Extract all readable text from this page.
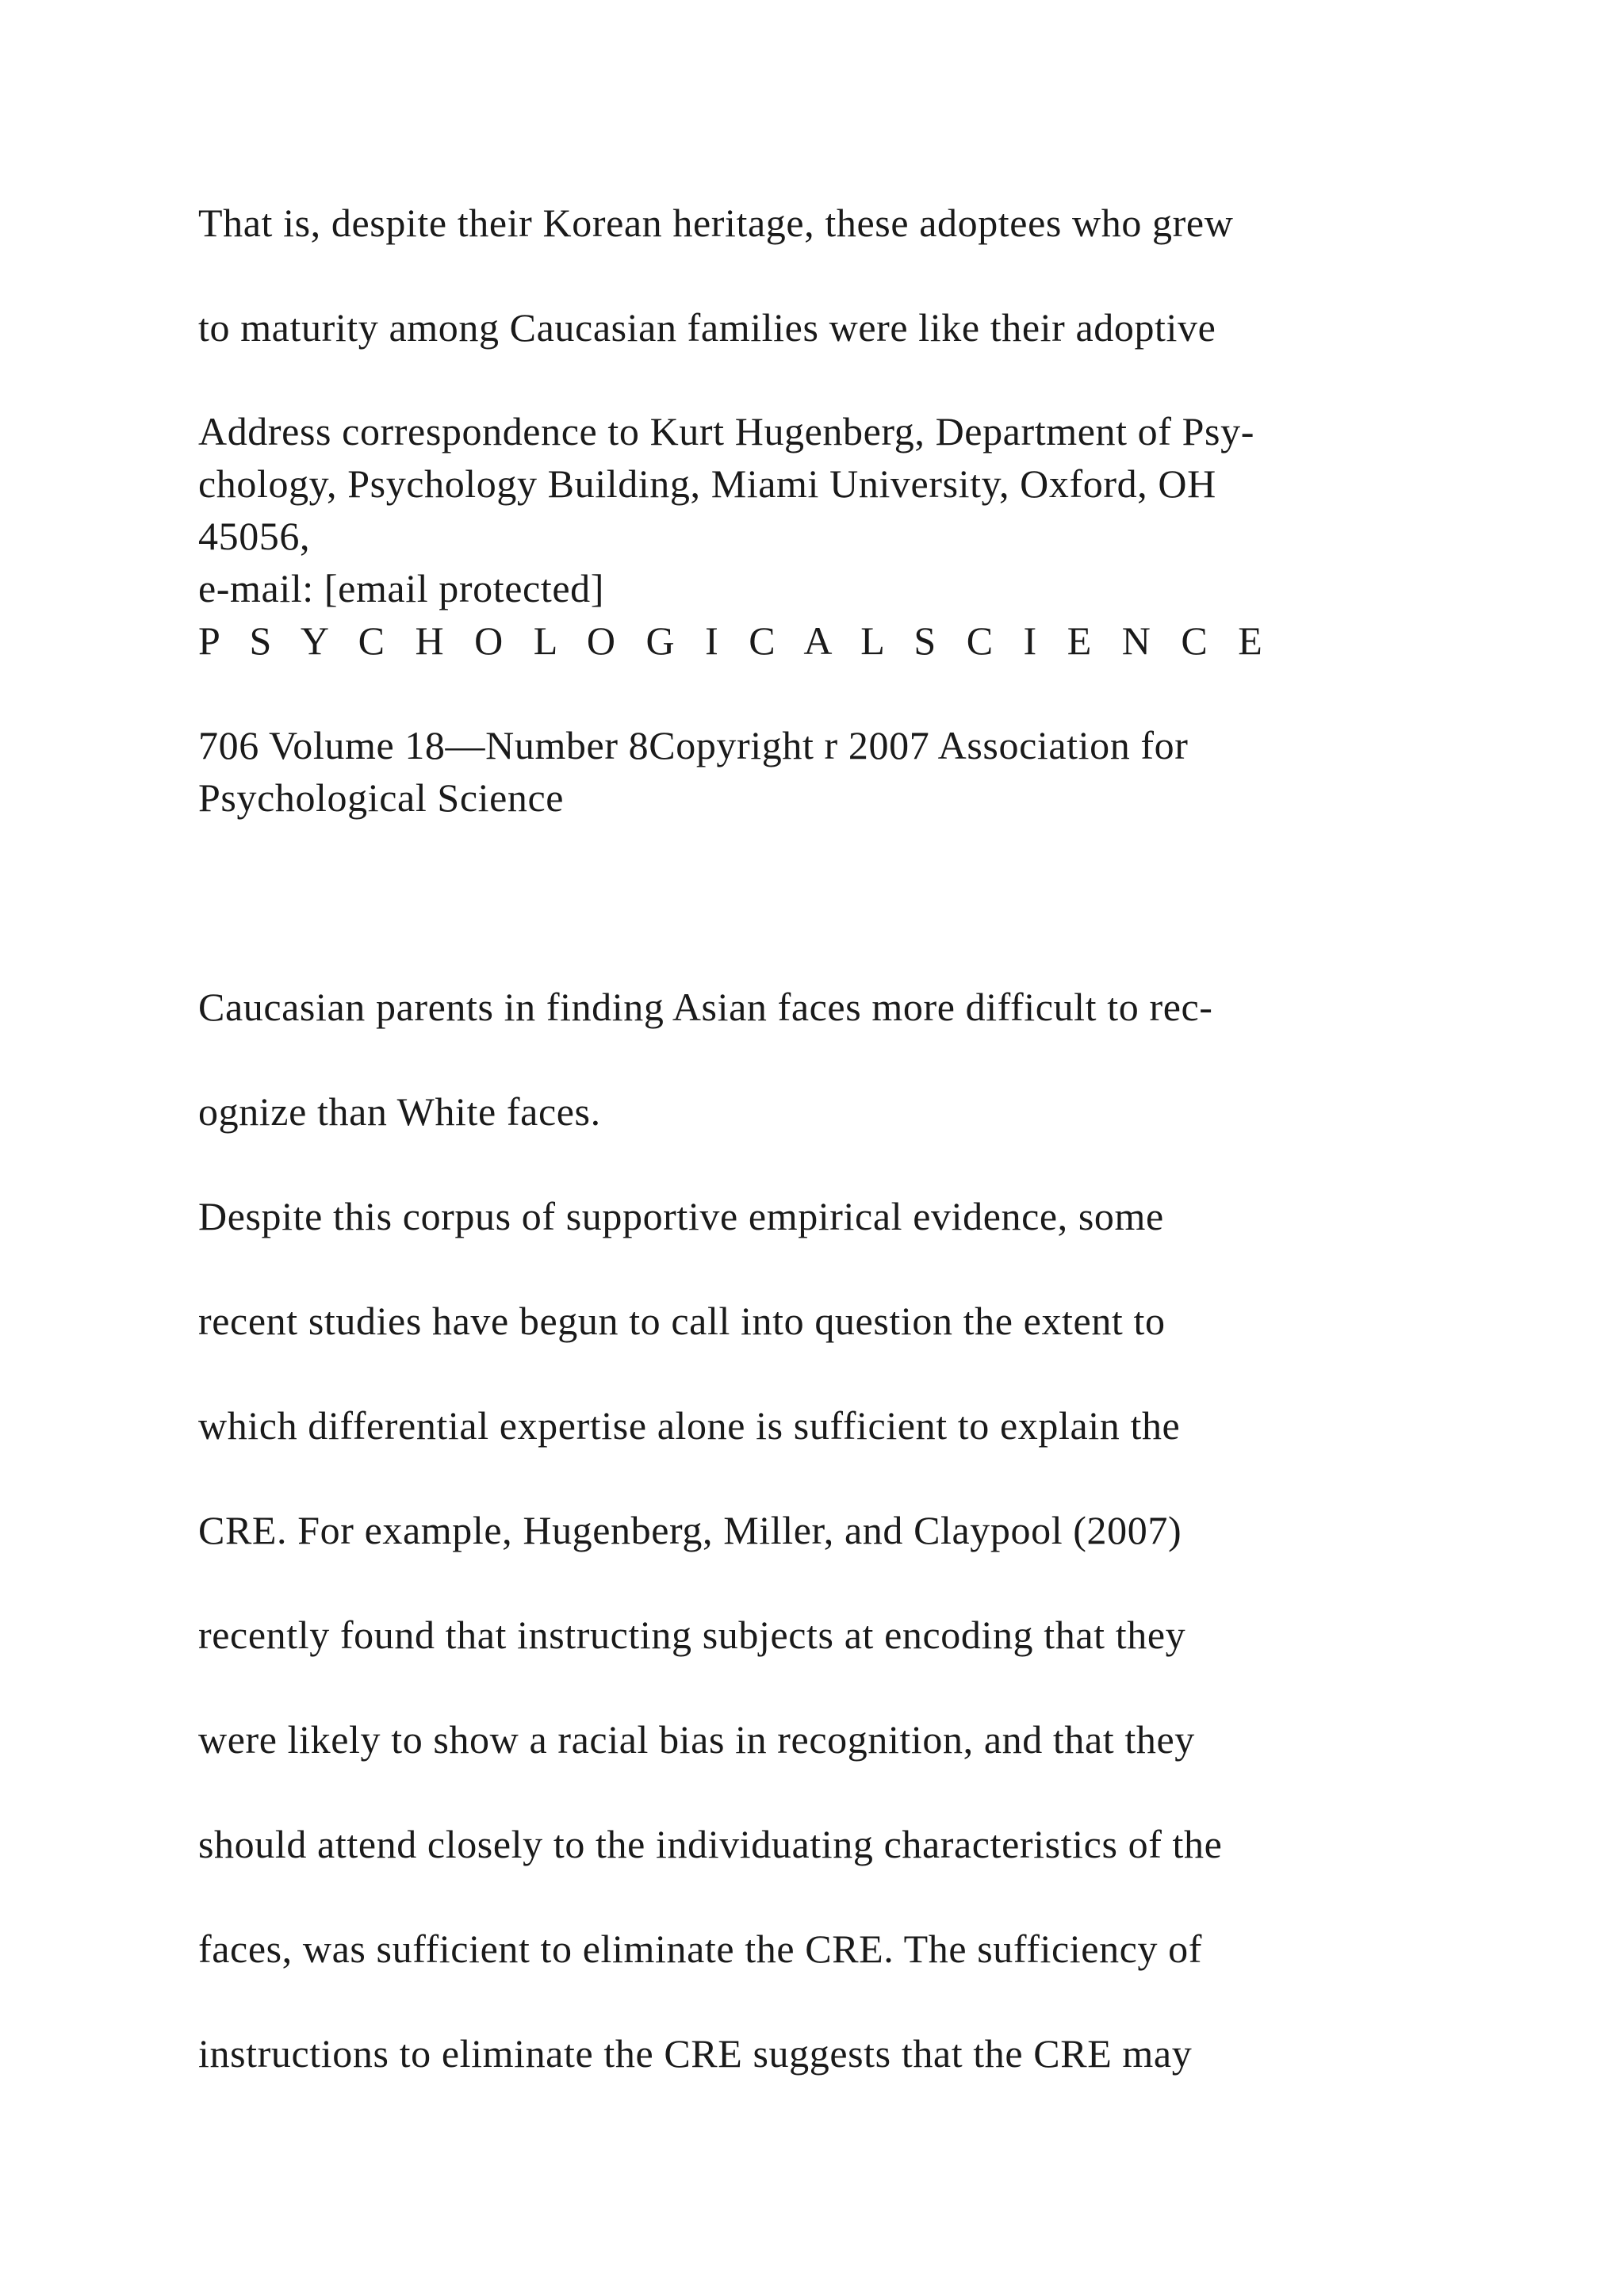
That is, despite their Korean heritage, these adoptees who grew
to maturity among Caucasian families were like their adoptive
Address correspondence to Kurt Hugenberg, Department of Psy-
chology, Psychology Building, Miami University, Oxford, OH
45056,
e-mail: [email protected]
P S Y C H O L O G I C A L S C I E N C E
706 Volume 18—Number 8Copyright r 2007 Association for
Psychological Science
Caucasian parents in finding Asian faces more difficult to rec-
ognize than White faces.
Despite this corpus of supportive empirical evidence, some
recent studies have begun to call into question the extent to
which differential expertise alone is sufficient to explain the
CRE. For example, Hugenberg, Miller, and Claypool (2007)
recently found that instructing subjects at encoding that they
were likely to show a racial bias in recognition, and that they
should attend closely to the individuating characteristics of the
faces, was sufficient to eliminate the CRE. The sufficiency of
instructions to eliminate the CRE suggests that the CRE may
